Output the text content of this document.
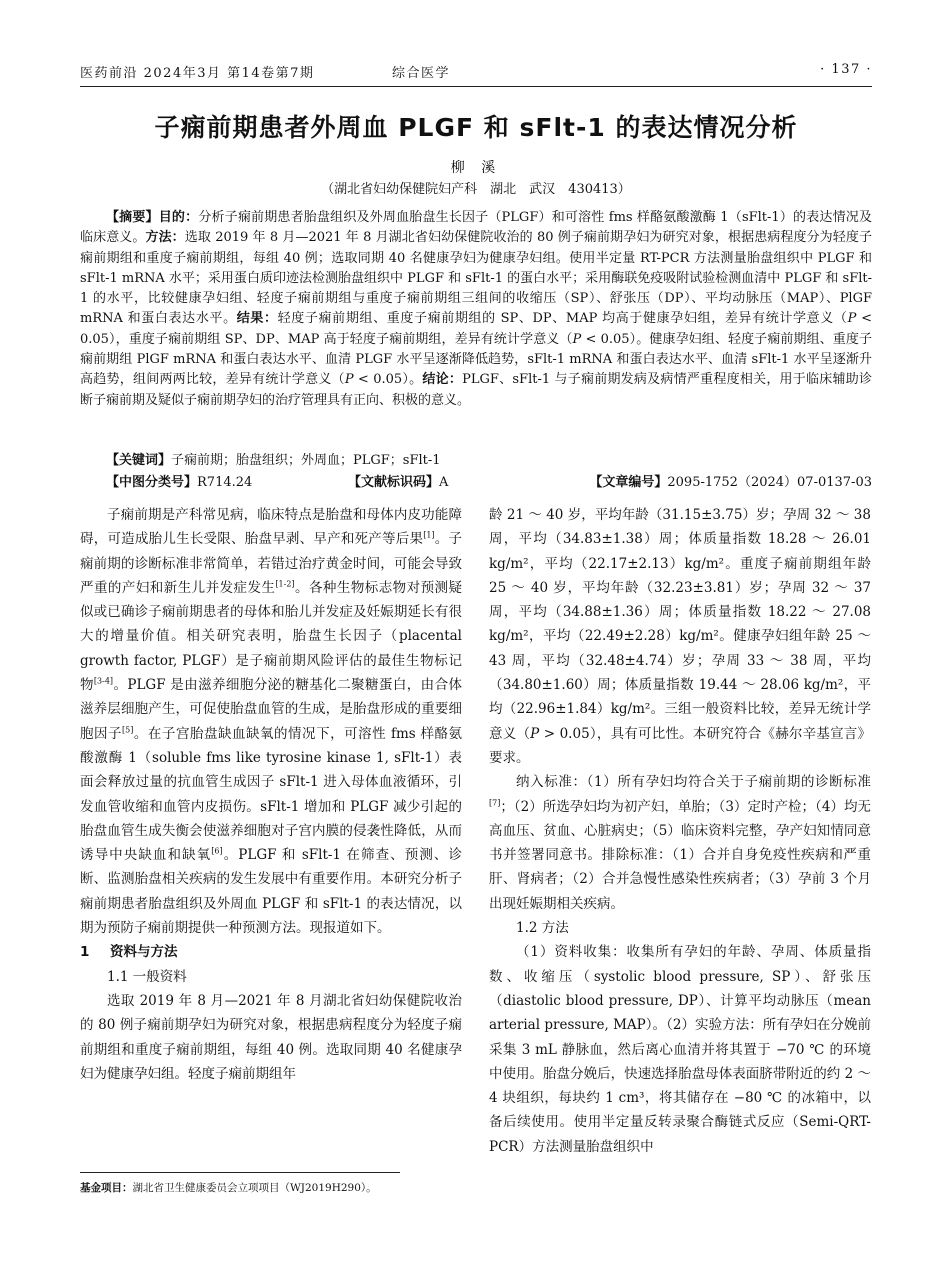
医药前沿 2024年3月 第14卷第7期	综合医学	· 137 ·
子痫前期患者外周血 PLGF 和 sFlt-1 的表达情况分析
柳 溪
（湖北省妇幼保健院妇产科　湖北　武汉　430413）
【摘要】目的：分析子痫前期患者胎盘组织及外周血胎盘生长因子（PLGF）和可溶性 fms 样酪氨酸激酶 1（sFlt-1）的表达情况及临床意义。方法：选取 2019 年 8 月—2021 年 8 月湖北省妇幼保健院收治的 80 例子痫前期孕妇为研究对象，根据患病程度分为轻度子痫前期组和重度子痫前期组，每组 40 例；选取同期 40 名健康孕妇为健康孕妇组。使用半定量 RT-PCR 方法测量胎盘组织中 PLGF 和 sFlt-1 mRNA 水平；采用蛋白质印迹法检测胎盘组织中 PLGF 和 sFlt-1 的蛋白水平；采用酶联免疫吸附试验检测血清中 PLGF 和 sFlt-1 的水平，比较健康孕妇组、轻度子痫前期组与重度子痫前期组三组间的收缩压（SP）、舒张压（DP）、平均动脉压（MAP）、PlGF mRNA 和蛋白表达水平。结果：轻度子痫前期组、重度子痫前期组的 SP、DP、MAP 均高于健康孕妇组，差异有统计学意义（P < 0.05），重度子痫前期组 SP、DP、MAP 高于轻度子痫前期组，差异有统计学意义（P < 0.05）。健康孕妇组、轻度子痫前期组、重度子痫前期组 PlGF mRNA 和蛋白表达水平、血清 PLGF 水平呈逐渐降低趋势，sFlt-1 mRNA 和蛋白表达水平、血清 sFlt-1 水平呈逐渐升高趋势，组间两两比较，差异有统计学意义（P < 0.05）。结论：PLGF、sFlt-1 与子痫前期发病及病情严重程度相关，用于临床辅助诊断子痫前期及疑似子痫前期孕妇的治疗管理具有正向、积极的意义。
【关键词】子痫前期；胎盘组织；外周血；PLGF；sFlt-1
【中图分类号】R714.24	【文献标识码】A	【文章编号】2095-1752（2024）07-0137-03

子痫前期是产科常见病，临床特点是胎盘和母体内皮功能障碍，可造成胎儿生长受限、胎盘早剥、早产和死产等后果[1]。子痫前期的诊断标准非常简单，若错过治疗黄金时间，可能会导致严重的产妇和新生儿并发症发生[1-2]。各种生物标志物对预测疑似或已确诊子痫前期患者的母体和胎儿并发症及妊娠期延长有很大的增量价值。相关研究表明，胎盘生长因子（placental growth factor, PLGF）是子痫前期风险评估的最佳生物标记物[3-4]。PLGF 是由滋养细胞分泌的糖基化二聚糖蛋白，由合体滋养层细胞产生，可促使胎盘血管的生成，是胎盘形成的重要细胞因子[5]。在子宫胎盘缺血缺氧的情况下，可溶性 fms 样酪氨酸激酶 1（soluble fms like tyrosine kinase 1, sFlt-1）表面会释放过量的抗血管生成因子 sFlt-1 进入母体血液循环，引发血管收缩和血管内皮损伤。sFlt-1 增加和 PLGF 减少引起的胎盘血管生成失衡会使滋养细胞对子宫内膜的侵袭性降低，从而诱导中央缺血和缺氧[6]。PLGF 和 sFlt-1 在筛查、预测、诊断、监测胎盘相关疾病的发生发展中有重要作用。本研究分析子痫前期患者胎盘组织及外周血 PLGF 和 sFlt-1 的表达情况，以期为预防子痫前期提供一种预测方法。现报道如下。

1 资料与方法
1.1 一般资料

选取 2019 年 8 月—2021 年 8 月湖北省妇幼保健院收治的 80 例子痫前期孕妇为研究对象，根据患病程度分为轻度子痫前期组和重度子痫前期组，每组 40 例。选取同期 40 名健康孕妇为健康孕妇组。轻度子痫前期组年

龄 21 ～ 40 岁，平均年龄（31.15±3.75）岁；孕周 32 ～ 38 周，平均（34.83±1.38）周；体质量指数 18.28 ～ 26.01 kg/m²，平均（22.17±2.13）kg/m²。重度子痫前期组年龄 25 ～ 40 岁，平均年龄（32.23±3.81）岁；孕周 32 ～ 37 周，平均（34.88±1.36）周；体质量指数 18.22 ～ 27.08 kg/m²，平均（22.49±2.28）kg/m²。健康孕妇组年龄 25 ～ 43 周，平均（32.48±4.74）岁；孕周 33 ～ 38 周，平均（34.80±1.60）周；体质量指数 19.44 ～ 28.06 kg/m²，平均（22.96±1.84）kg/m²。三组一般资料比较，差异无统计学意义（P > 0.05），具有可比性。本研究符合《赫尔辛基宣言》要求。

纳入标准：（1）所有孕妇均符合关于子痫前期的诊断标准[7]；（2）所选孕妇均为初产妇，单胎；（3）定时产检；（4）均无高血压、贫血、心脏病史；（5）临床资料完整，孕产妇知情同意书并签署同意书。排除标准：（1）合并自身免疫性疾病和严重肝、肾病者；（2）合并急慢性感染性疾病者；（3）孕前 3 个月出现妊娠期相关疾病。

1.2 方法

（1）资料收集：收集所有孕妇的年龄、孕周、体质量指数、收缩压（systolic blood pressure, SP）、舒张压（diastolic blood pressure, DP）、计算平均动脉压（mean arterial pressure, MAP）。（2）实验方法：所有孕妇在分娩前采集 3 mL 静脉血，然后离心血清并将其置于 −70 ℃ 的环境中使用。胎盘分娩后，快速选择胎盘母体表面脐带附近的约 2 ～ 4 块组织，每块约 1 cm³，将其储存在 −80 ℃ 的冰箱中，以备后续使用。使用半定量反转录聚合酶链式反应（Semi-QRT-PCR）方法测量胎盘组织中

基金项目：湖北省卫生健康委员会立项项目（WJ2019H290）。
